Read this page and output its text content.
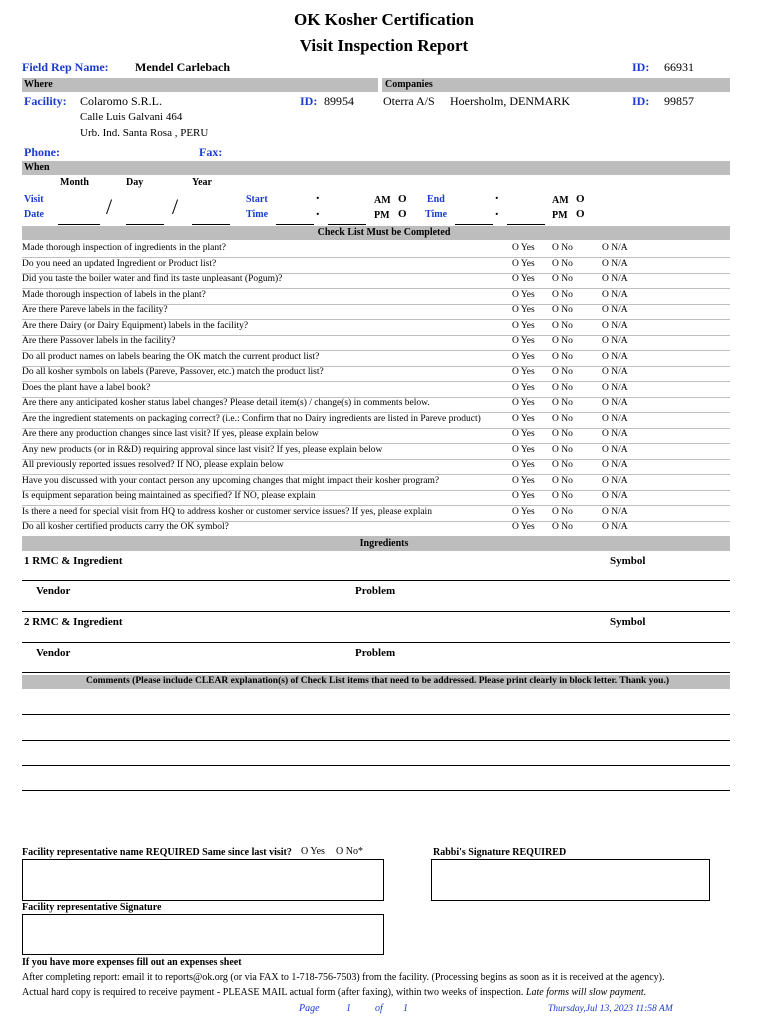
OK Kosher Certification
Visit Inspection Report
Field Rep Name: Mendel Carlebach	ID: 66931
Where	Companies
Facility: Colaromo S.R.L.
Calle Luis Galvani 464
Urb. Ind. Santa Rosa , PERU
ID: 89954 Oterra A/S Hoersholm, DENMARK	ID: 99857
Phone:	Fax:
When
Month	Day	Year
Visit
Date	/	/	Start
Time
.
.
AM O
PM O
End
Time
.
.
AM O
PM O
Check List Must be Completed
Made thorough inspection of ingredients in the plant?	O Yes O No	O N/A
Do you need an updated Ingredient or Product list?	O Yes O No	O N/A
Did you taste the boiler water and find its taste unpleasant (Pogum)?	O Yes O No	O N/A
Made thorough inspection of labels in the plant?	O Yes O No	O N/A
Are there Pareve labels in the facility?	O Yes O No	O N/A
Are there Dairy (or Dairy Equipment) labels in the facility?	O Yes O No	O N/A
Are there Passover labels in the facility?	O Yes O No	O N/A
Do all product names on labels bearing the OK match the current product list?	O Yes O No	O N/A
Do all kosher symbols on labels (Pareve, Passover, etc.) match the product list?	O Yes O No	O N/A
Does the plant have a label book?	O Yes O No	O N/A
Are there any anticipated kosher status label changes? Please detail item(s) / change(s) in comments below.	O Yes O No	O N/A
Are the ingredient statements on packaging correct? (i.e.: Confirm that no Dairy ingredients are listed in Pareve product)	O Yes O No	O N/A
Are there any production changes since last visit? If yes, please explain below	O Yes O No	O N/A
Any new products (or in R&D) requiring approval since last visit? If yes, please explain below	O Yes O No	O N/A
All previously reported issues resolved? If NO, please explain below	O Yes O No	O N/A
Have you discussed with your contact person any upcoming changes that might impact their kosher program?	O Yes O No	O N/A
Is equipment separation being maintained as specified? If NO, please explain	O Yes O No	O N/A
Is there a need for special visit from HQ to address kosher or customer service issues? If yes, please explain	O Yes O No	O N/A
Do all kosher certified products carry the OK symbol?	O Yes O No	O N/A
Ingredients
1 RMC & Ingredient	Symbol
Vendor	Problem
2 RMC & Ingredient	Symbol
Vendor	Problem
Comments (Please include CLEAR explanation(s) of Check List items that need to be addressed. Please print clearly in block letter. Thank you.)
Facility representative name REQUIRED Same since last visit? O Yes O No*	Rabbi's Signature REQUIRED
Facility representative Signature
If you have more expenses fill out an expenses sheet
After completing report: email it to reports@ok.org (or via FAX to 1-718-756-7503) from the facility. (Processing begins as soon as it is received at the agency).
Actual hard copy is required to receive payment - PLEASE MAIL actual form (after faxing), within two weeks of inspection. Late forms will slow payment.
Page	1 of 1	Thursday,Jul 13, 2023 11:58 AM
